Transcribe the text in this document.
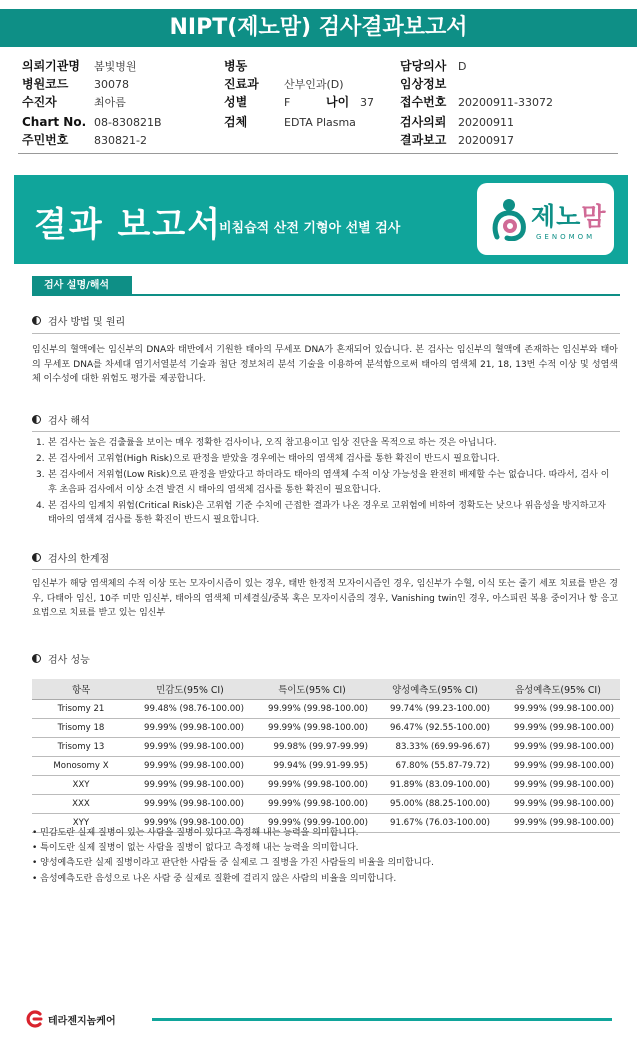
NIPT(제노맘) 검사결과보고서
의뢰기관명 봄빛병원
병원코드 30078
수진자	최아름
Chart No. 08-830821B
주민번호 830821-2
병동
진료과 산부인과(D)
성별	F	나이 37
검체	EDTA Plasma
담당의사 D
임상정보
접수번호 20200911-33072
검사의뢰 20200911
결과보고 20200917
결과 보고서
비침습적 산전 기형아 선별 검사	제노맘
GENOMOM
검사 설명/해석
검사 방법 및 원리
임신부의 혈액에는 임신부의 DNA와 태반에서 기원한 태아의 무세포 DNA가 혼재되어 있습니다. 본 검사는 임신부의 혈액에 존재하는 임신부와 태아의 무세포 DNA를 차세대 염기서열분석 기술과 첨단 정보처리 분석 기술을 이용하여 분석함으로써 태아의 염색체 21, 18, 13번 수적 이상 및 성염색체 이수성에 대한 위험도 평가를 제공합니다.
검사 해석
1. 본 검사는 높은 검출률을 보이는 매우 정확한 검사이나, 오직 참고용이고 임상 진단을 목적으로 하는 것은 아닙니다.
2. 본 검사에서 고위험(High Risk)으로 판정을 받았을 경우에는 태아의 염색체 검사를 통한 확진이 반드시 필요합니다.
3. 본 검사에서 저위험(Low Risk)으로 판정을 받았다고 하더라도 태아의 염색체 수적 이상 가능성을 완전히 배제할 수는 없습니다. 따라서, 검사 이후 초음파 검사에서 이상 소견 발견 시 태아의 염색체 검사를 통한 확진이 필요합니다.
4. 본 검사의 임계치 위험(Critical Risk)은 고위험 기준 수치에 근접한 결과가 나온 경우로 고위험에 비하여 정확도는 낮으나 위음성을 방지하고자 태아의 염색체 검사를 통한 확진이 반드시 필요합니다.
검사의 한계점
임신부가 해당 염색체의 수적 이상 또는 모자이시즘이 있는 경우, 태반 한정적 모자이시즘인 경우, 임신부가 수혈, 이식 또는 줄기 세포 치료를 받은 경우, 다태아 임신, 10주 미만 임신부, 태아의 염색체 미세결실/중복 혹은 모자이시즘의 경우, Vanishing twin인 경우, 아스피린 복용 중이거나 항 응고 요법으로 치료를 받고 있는 임신부
검사 성능
항목	민감도(95% CI)	특이도(95% CI)	양성예측도(95% CI)	음성예측도(95% CI)
Trisomy 21	99.48% (98.76-100.00)	99.99% (99.98-100.00)	99.74% (99.23-100.00)	99.99% (99.98-100.00)
Trisomy 18	99.99% (99.98-100.00)	99.99% (99.98-100.00)	96.47% (92.55-100.00)	99.99% (99.98-100.00)
Trisomy 13	99.99% (99.98-100.00)	99.98% (99.97-99.99)	83.33% (69.99-96.67)	99.99% (99.98-100.00)
Monosomy X	99.99% (99.98-100.00)	99.94% (99.91-99.95)	67.80% (55.87-79.72)	99.99% (99.98-100.00)
XXY	99.99% (99.98-100.00)	99.99% (99.98-100.00)	91.89% (83.09-100.00)	99.99% (99.98-100.00)
XXX	99.99% (99.98-100.00)	99.99% (99.98-100.00)	95.00% (88.25-100.00)	99.99% (99.98-100.00)
XYY	99.99% (99.98-100.00)	99.99% (99.99-100.00)	91.67% (76.03-100.00)	99.99% (99.98-100.00)
• 민감도란 실제 질병이 있는 사람을 질병이 있다고 측정해 내는 능력을 의미합니다.
• 특이도란 실제 질병이 없는 사람을 질병이 없다고 측정해 내는 능력을 의미합니다.
• 양성예측도란 실제 질병이라고 판단한 사람들 중 실제로 그 질병을 가진 사람들의 비율을 의미합니다.
• 음성예측도란 음성으로 나온 사람 중 실제로 질환에 걸리지 않은 사람의 비율을 의미합니다.
테라젠지놈케어
